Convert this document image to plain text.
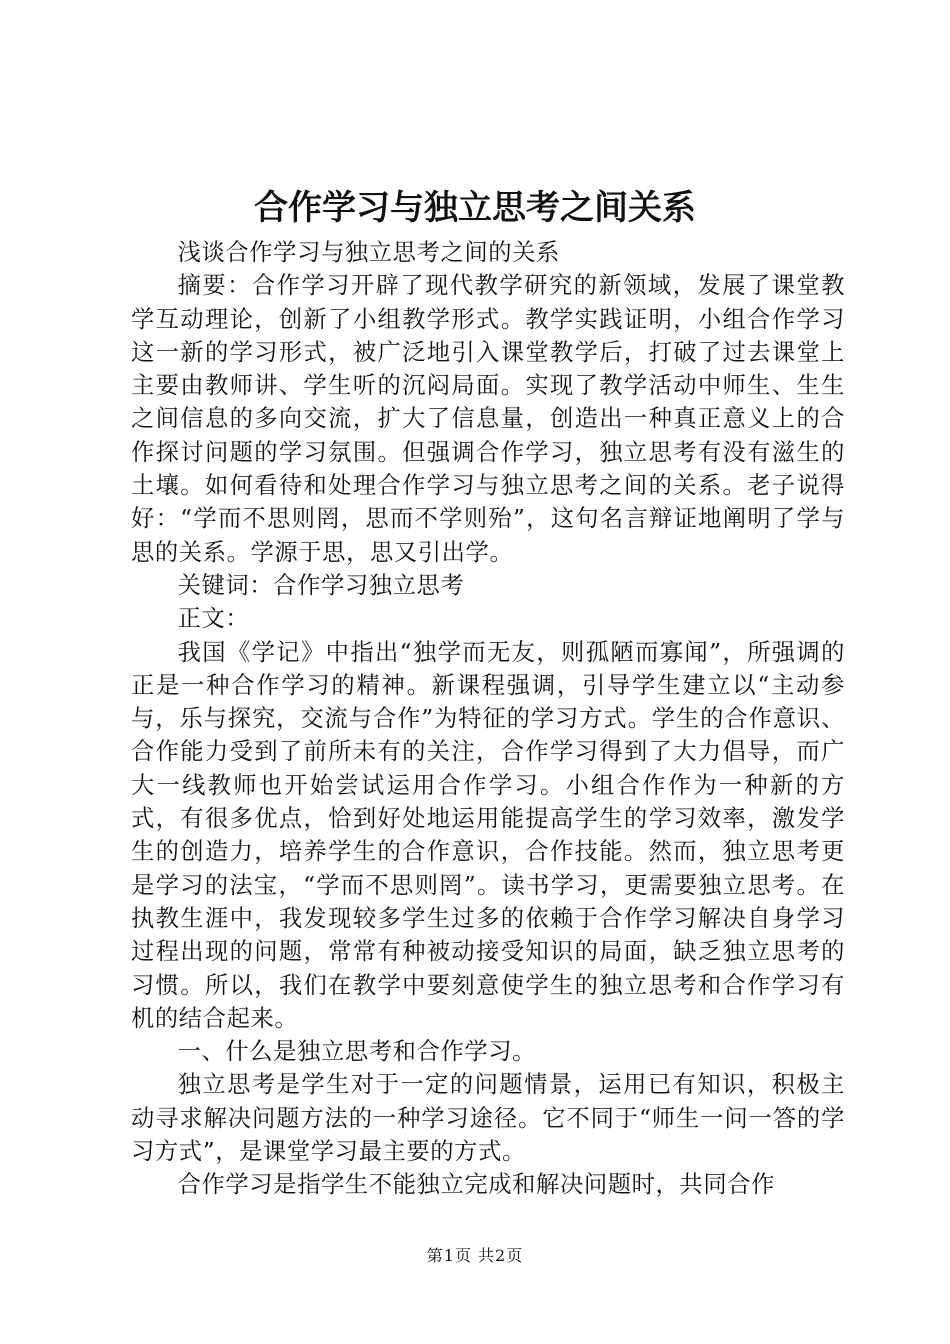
合作学习与独立思考之间关系

浅谈合作学习与独立思考之间的关系

摘要：合作学习开辟了现代教学研究的新领域，发展了课堂教学互动理论，创新了小组教学形式。教学实践证明，小组合作学习这一新的学习形式，被广泛地引入课堂教学后，打破了过去课堂上主要由教师讲、学生听的沉闷局面。实现了教学活动中师生、生生之间信息的多向交流，扩大了信息量，创造出一种真正意义上的合作探讨问题的学习氛围。但强调合作学习，独立思考有没有滋生的土壤。如何看待和处理合作学习与独立思考之间的关系。老子说得好：“学而不思则罔，思而不学则殆”，这句名言辩证地阐明了学与思的关系。学源于思，思又引出学。

关键词：合作学习独立思考

正文：

我国《学记》中指出“独学而无友，则孤陋而寡闻”，所强调的正是一种合作学习的精神。新课程强调，引导学生建立以“主动参与，乐与探究，交流与合作”为特征的学习方式。学生的合作意识、合作能力受到了前所未有的关注，合作学习得到了大力倡导，而广大一线教师也开始尝试运用合作学习。小组合作作为一种新的方式，有很多优点，恰到好处地运用能提高学生的学习效率，激发学生的创造力，培养学生的合作意识，合作技能。然而，独立思考更是学习的法宝，“学而不思则罔”。读书学习，更需要独立思考。在执教生涯中，我发现较多学生过多的依赖于合作学习解决自身学习过程出现的问题，常常有种被动接受知识的局面，缺乏独立思考的习惯。所以，我们在教学中要刻意使学生的独立思考和合作学习有机的结合起来。

一、什么是独立思考和合作学习。

独立思考是学生对于一定的问题情景，运用已有知识，积极主动寻求解决问题方法的一种学习途径。它不同于“师生一问一答的学习方式”，是课堂学习最主要的方式。

合作学习是指学生不能独立完成和解决问题时，共同合作

第1页 共2页
